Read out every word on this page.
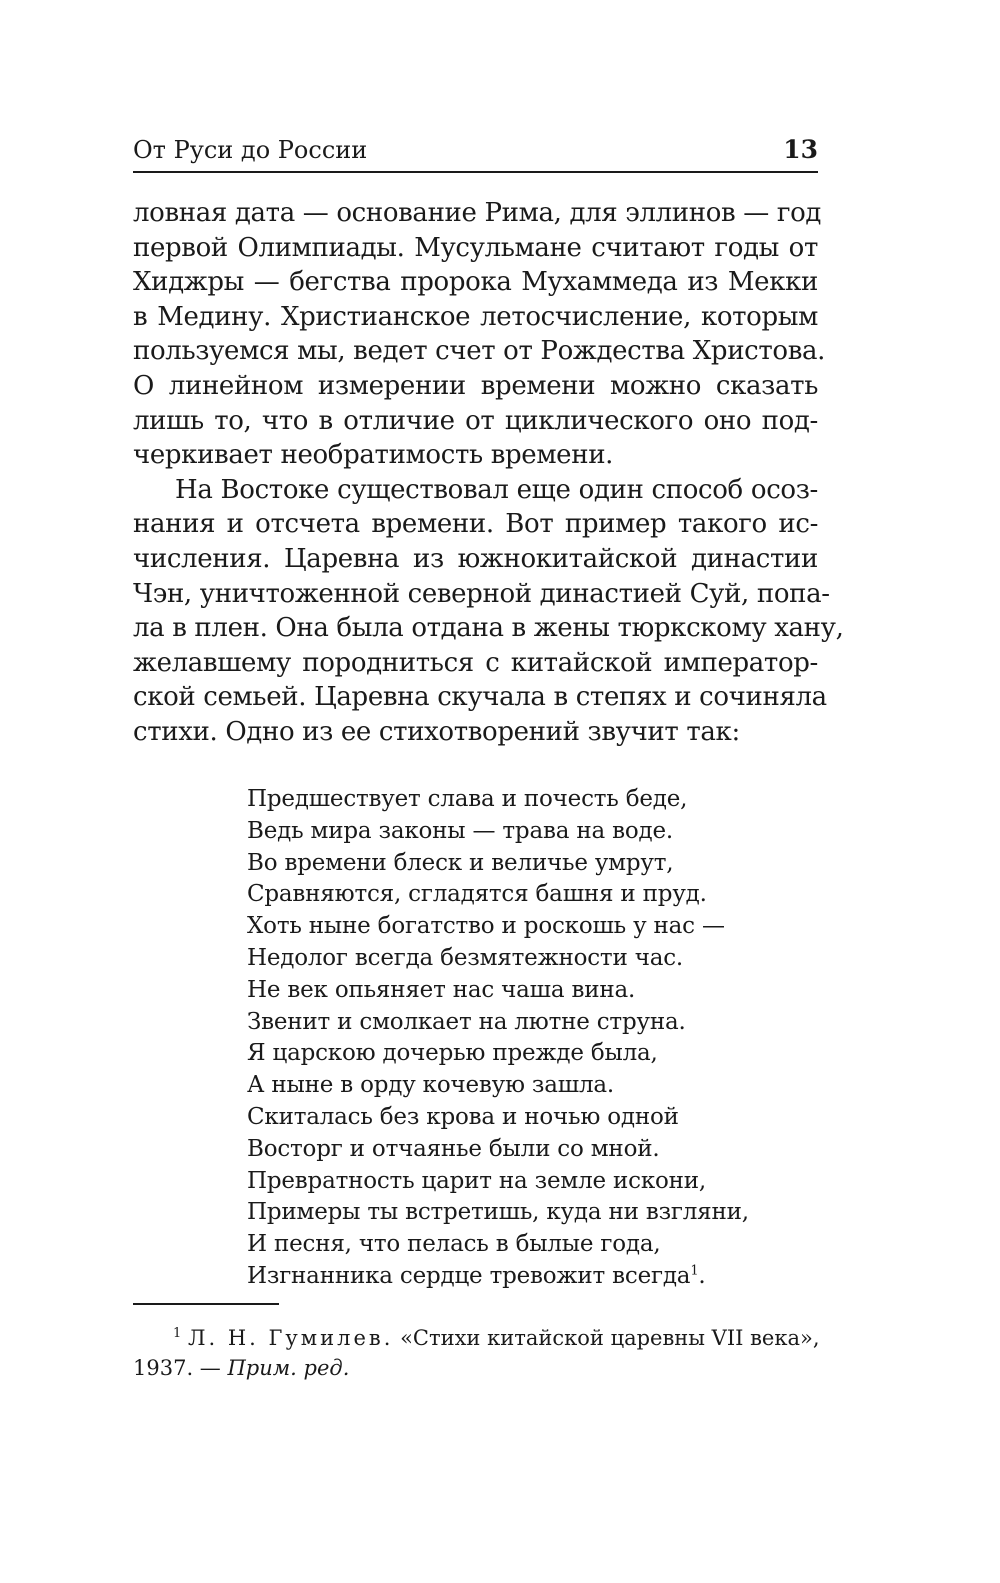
От Руси до России	13
ловная дата — основание Рима, для эллинов — год
первой Олимпиады. Мусульмане считают годы от
Хиджры — бегства пророка Мухаммеда из Мекки
в Медину. Христианское летосчисление, которым
пользуемся мы, ведет счет от Рождества Христова.
О линейном измерении времени можно сказать
лишь то, что в отличие от циклического оно под-
черкивает необратимость времени.
На Востоке существовал еще один способ осоз-
нания и отсчета времени. Вот пример такого ис-
числения. Царевна из южнокитайской династии
Чэн, уничтоженной северной династией Суй, попа-
ла в плен. Она была отдана в жены тюркскому хану,
желавшему породниться с китайской император-
ской семьей. Царевна скучала в степях и сочиняла
стихи. Одно из ее стихотворений звучит так:
Предшествует слава и почесть беде,
Ведь мира законы — трава на воде.
Во времени блеск и величье умрут,
Сравняются, сгладятся башня и пруд.
Хоть ныне богатство и роскошь у нас —
Недолог всегда безмятежности час.
Не век опьяняет нас чаша вина.
Звенит и смолкает на лютне струна.
Я царскою дочерью прежде была,
А ныне в орду кочевую зашла.
Скиталась без крова и ночью одной
Восторг и отчаянье были со мной.
Превратность царит на земле искони,
Примеры ты встретишь, куда ни взгляни,
И песня, что пелась в былые года,
Изгнанника сердце тревожит всегда$^1$.
$^1$ Л. Н. Гумилев. «Стихи китайской царевны VII века»,
1937. — Прим. ред.
